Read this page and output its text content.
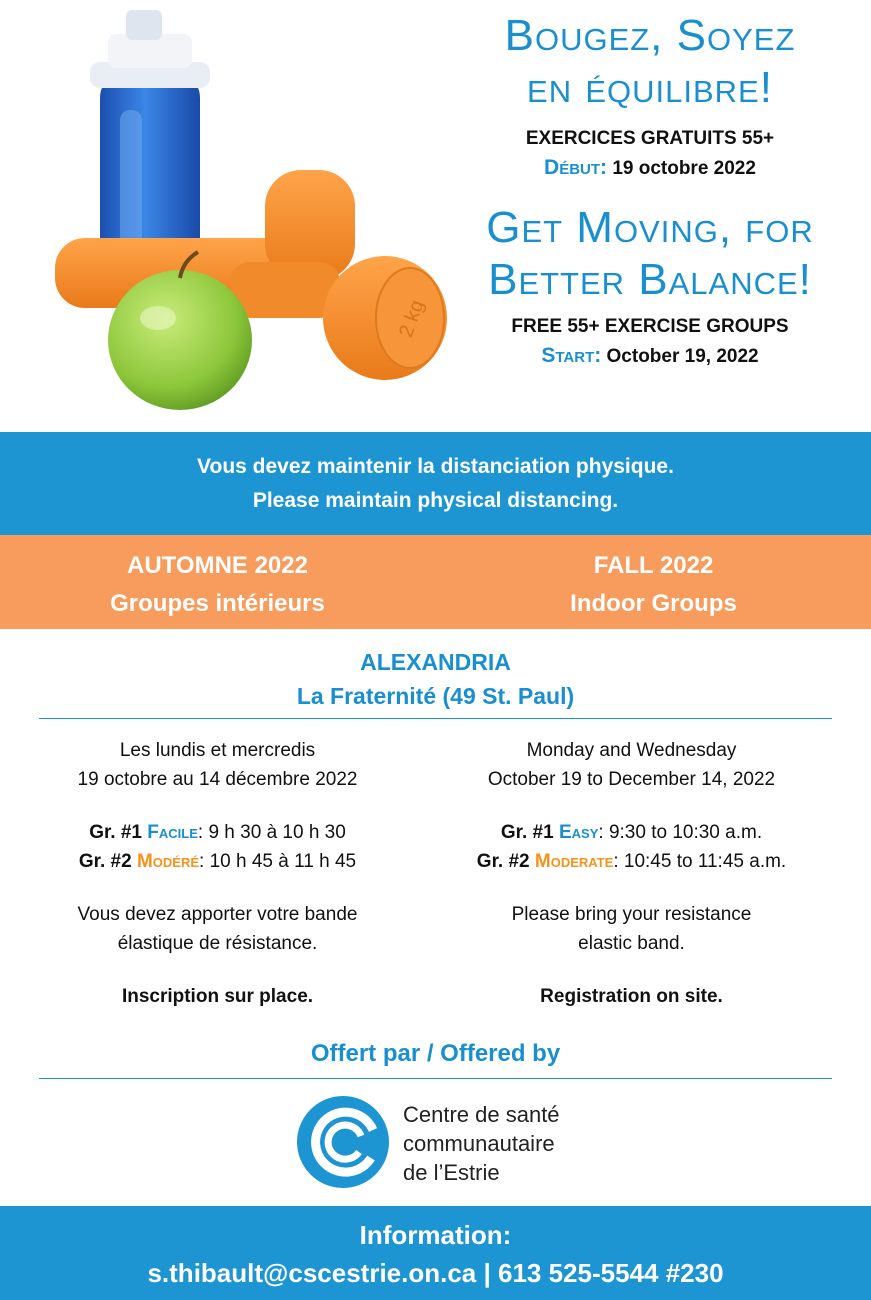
2 kg
Bougez, Soyez
en équilibre!
EXERCICES GRATUITS 55+
Début: 19 octobre 2022
Get Moving, for
Better Balance!
FREE 55+ EXERCISE GROUPS
Start: October 19, 2022
Vous devez maintenir la distanciation physique.
Please maintain physical distancing.
AUTOMNE 2022
Groupes intérieurs
FALL 2022
Indoor Groups
ALEXANDRIA
La Fraternité (49 St. Paul)

Les lundis et mercredis
19 octobre au 14 décembre 2022

Gr. #1 Facile: 9 h 30 à 10 h 30
Gr. #2 Modéré: 10 h 45 à 11 h 45

Vous devez apporter votre bande
élastique de résistance.

Inscription sur place.

Monday and Wednesday
October 19 to December 14, 2022

Gr. #1 Easy: 9:30 to 10:30 a.m.
Gr. #2 Moderate: 10:45 to 11:45 a.m.

Please bring your resistance
elastic band.

Registration on site.

Offert par / Offered by
Centre de santé
communautaire
de l’Estrie
Information:
s.thibault@cscestrie.on.ca | 613 525-5544 #230
